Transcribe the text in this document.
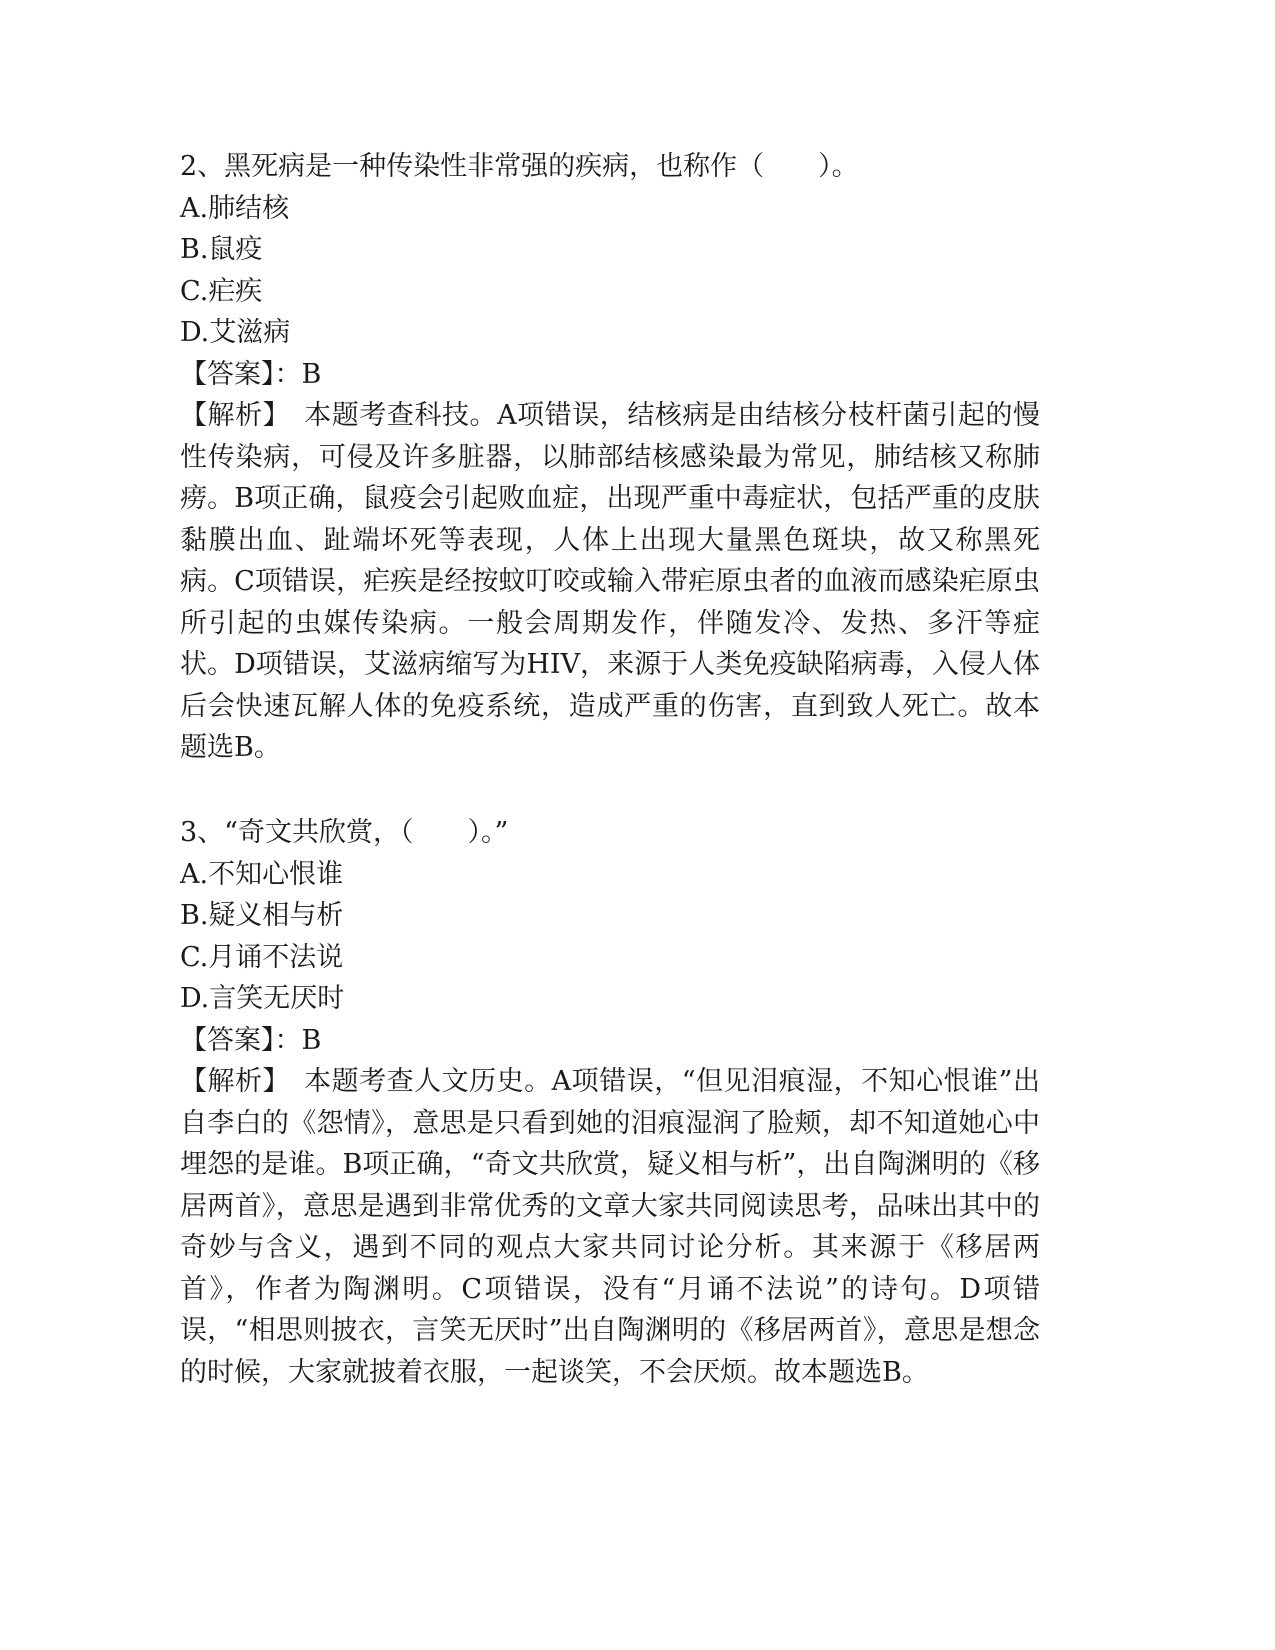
2、黑死病是一种传染性非常强的疾病，也称作（　　）。
A.肺结核
B.鼠疫
C.疟疾
D.艾滋病
【答案】：B
【解析】　本题考查科技。A项错误，结核病是由结核分枝杆菌引起的慢性传染病，可侵及许多脏器，以肺部结核感染最为常见，肺结核又称肺痨。B项正确，鼠疫会引起败血症，出现严重中毒症状，包括严重的皮肤黏膜出血、趾端坏死等表现，人体上出现大量黑色斑块，故又称黑死病。C项错误，疟疾是经按蚊叮咬或输入带疟原虫者的血液而感染疟原虫所引起的虫媒传染病。一般会周期发作，伴随发冷、发热、多汗等症状。D项错误，艾滋病缩写为HIV，来源于人类免疫缺陷病毒，入侵人体后会快速瓦解人体的免疫系统，造成严重的伤害，直到致人死亡。故本题选B。
3、“奇文共欣赏，（　　）。”
A.不知心恨谁
B.疑义相与析
C.月诵不法说
D.言笑无厌时
【答案】：B
【解析】　本题考查人文历史。A项错误，“但见泪痕湿，不知心恨谁”出自李白的《怨情》，意思是只看到她的泪痕湿润了脸颊，却不知道她心中埋怨的是谁。B项正确，“奇文共欣赏，疑义相与析”，出自陶渊明的《移居两首》，意思是遇到非常优秀的文章大家共同阅读思考，品味出其中的奇妙与含义，遇到不同的观点大家共同讨论分析。其来源于《移居两首》，作者为陶渊明。C项错误，没有“月诵不法说”的诗句。D项错误，“相思则披衣，言笑无厌时”出自陶渊明的《移居两首》，意思是想念的时候，大家就披着衣服，一起谈笑，不会厌烦。故本题选B。
